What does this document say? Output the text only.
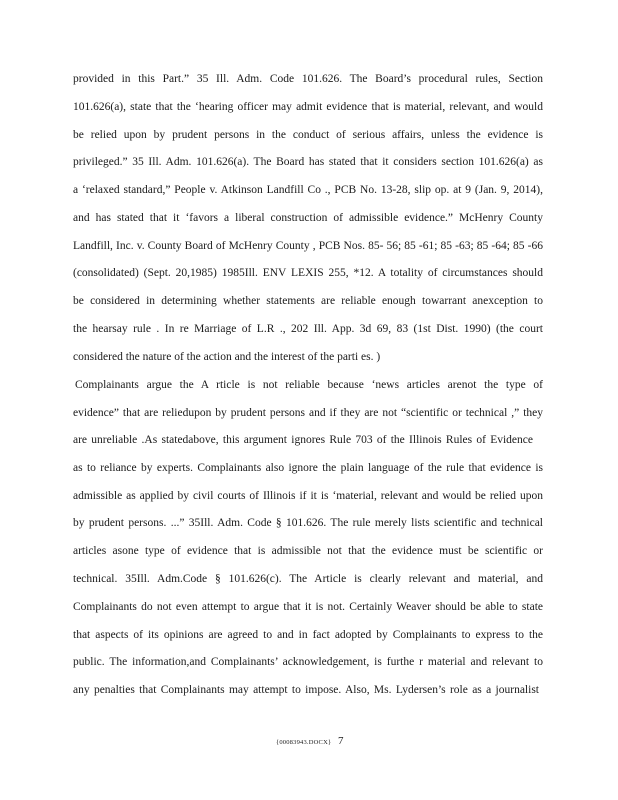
provided in this Part.” 35 Ill. Adm. Code 101.626. The Board’s procedural rules, Section
101.626(a), state that the ‘hearing officer may admit evidence that is material, relevant, and would
be relied upon by prudent persons in the conduct of serious affairs, unless the evidence is
privileged.” 35 Ill. Adm. 101.626(a). The Board has stated that it considers section 101.626(a) as
a ‘relaxed standard,” People v. Atkinson Landfill Co ., PCB No. 13-28, slip op. at 9 (Jan. 9, 2014),
and has stated that it ‘favors a liberal construction of admissible evidence.” McHenry County
Landfill, Inc. v. County Board of McHenry County , PCB Nos. 85- 56; 85 -61; 85 -63; 85 -64; 85 -66
(consolidated) (Sept. 20,1985) 1985Ill. ENV LEXIS 255, *12. A totality of circumstances should
be considered in determining whether statements are reliable enough towarrant anexception to
the hearsay rule . In re Marriage of L.R ., 202 Ill. App. 3d 69, 83 (1st Dist. 1990) (the court
considered the nature of the action and the interest of the parti es. )
Complainants argue the A rticle is not reliable because ‘news articles arenot the type of
evidence” that are reliedupon by prudent persons and if they are not “scientific or technical ,” they
are unreliable .As statedabove, this argument ignores Rule 703 of the Illinois Rules of Evidence
as to reliance by experts. Complainants also ignore the plain language of the rule that evidence is
admissible as applied by civil courts of Illinois if it is ‘material, relevant and would be relied upon
by prudent persons. ...” 35Ill. Adm. Code § 101.626. The rule merely lists scientific and technical
articles asone type of evidence that is admissible not that the evidence must be scientific or
technical. 35Ill. Adm.Code § 101.626(c). The Article is clearly relevant and material, and
Complainants do not even attempt to argue that it is not. Certainly Weaver should be able to state
that aspects of its opinions are agreed to and in fact adopted by Complainants to express to the
public. The information,and Complainants’ acknowledgement, is furthe r material and relevant to
any penalties that Complainants may attempt to impose. Also, Ms. Lydersen’s role as a journalist
{00083943.DOCX} 7
